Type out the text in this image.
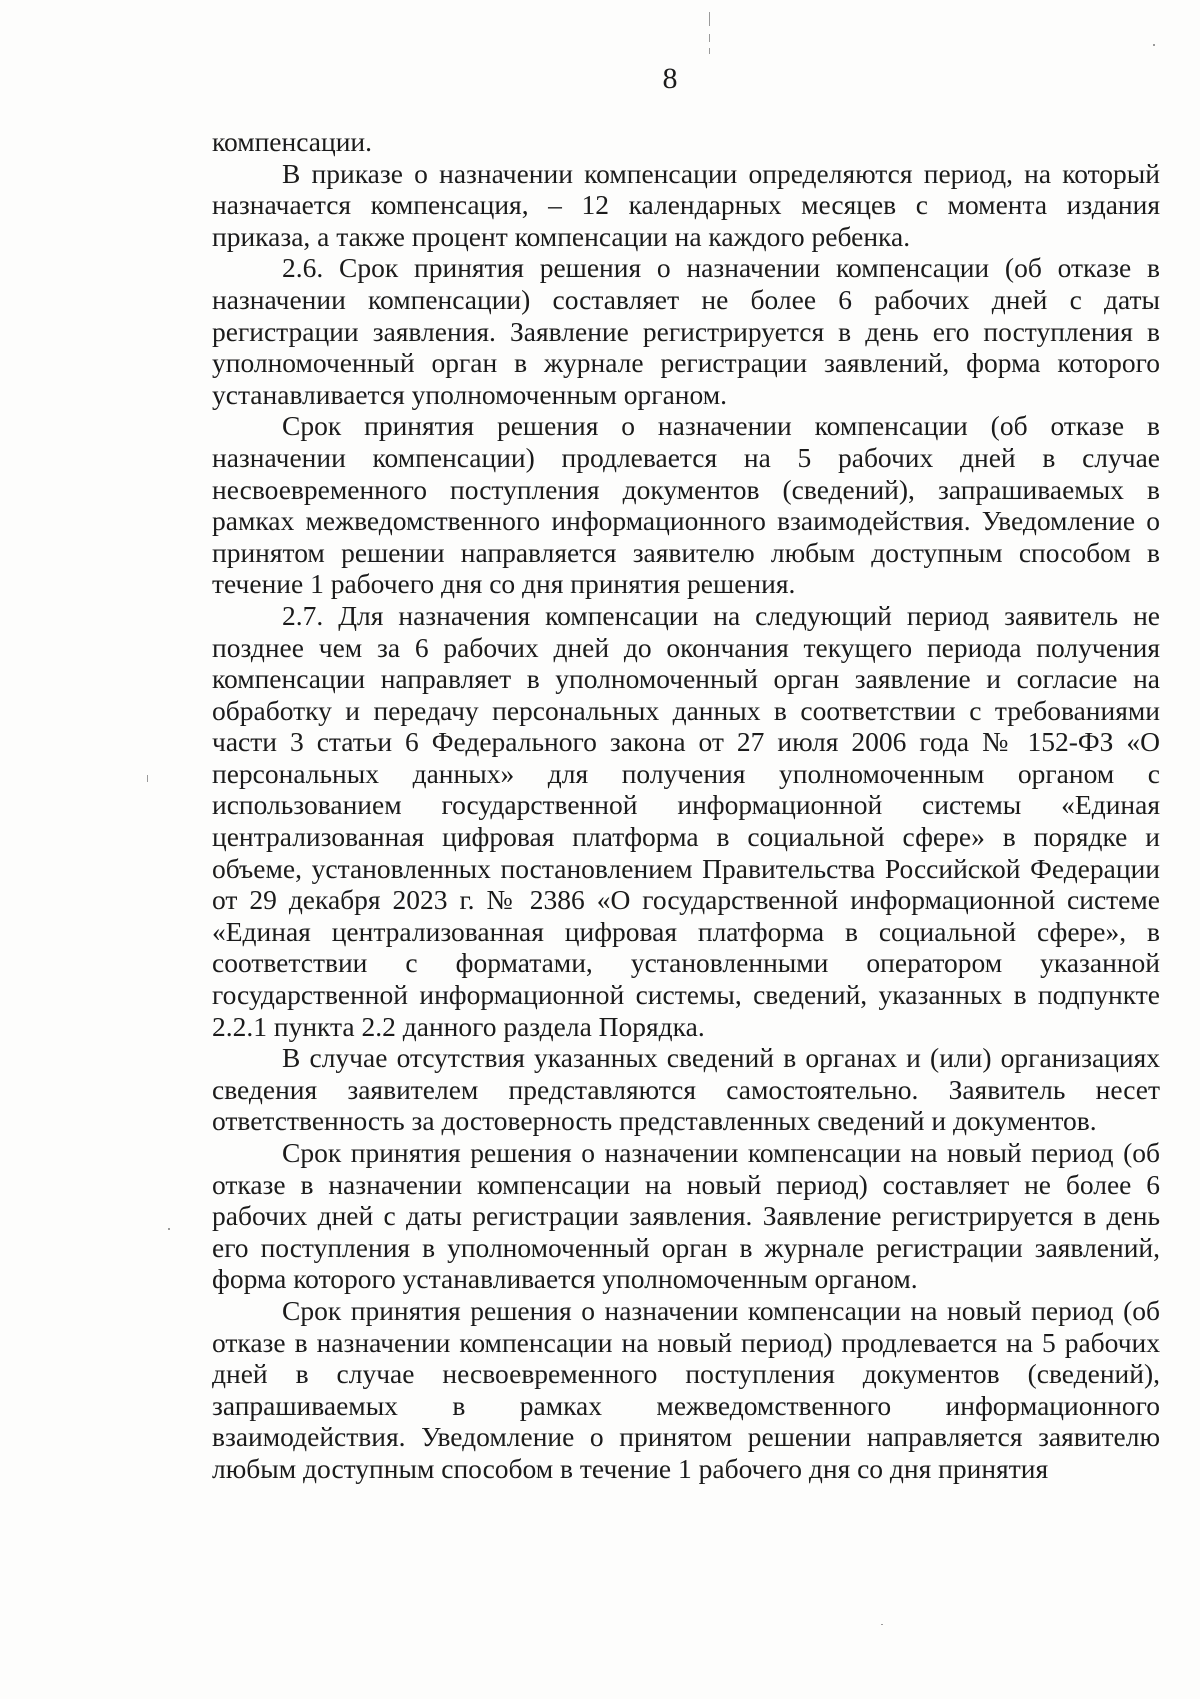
8

компенсации.

В приказе о назначении компенсации определяются период, на который назначается компенсация, – 12 календарных месяцев с момента издания приказа, а также процент компенсации на каждого ребенка.

2.6. Срок принятия решения о назначении компенсации (об отказе в назначении компенсации) составляет не более 6 рабочих дней с даты регистрации заявления. Заявление регистрируется в день его поступления в уполномоченный орган в журнале регистрации заявлений, форма которого устанавливается уполномоченным органом.

Срок принятия решения о назначении компенсации (об отказе в назначении компенсации) продлевается на 5 рабочих дней в случае несвоевременного поступления документов (сведений), запрашиваемых в рамках межведомственного информационного взаимодействия. Уведомление о принятом решении направляется заявителю любым доступным способом в течение 1 рабочего дня со дня принятия решения.

2.7. Для назначения компенсации на следующий период заявитель не позднее чем за 6 рабочих дней до окончания текущего периода получения компенсации направляет в уполномоченный орган заявление и согласие на обработку и передачу персональных данных в соответствии с требованиями части 3 статьи 6 Федерального закона от 27 июля 2006 года № 152-ФЗ «О персональных данных» для получения уполномоченным органом с использованием государственной информационной системы «Единая централизованная цифровая платформа в социальной сфере» в порядке и объеме, установленных постановлением Правительства Российской Федерации от 29 декабря 2023 г. № 2386 «О государственной информационной системе «Единая централизованная цифровая платформа в социальной сфере», в соответствии с форматами, установленными оператором указанной государственной информационной системы, сведений, указанных в подпункте 2.2.1 пункта 2.2 данного раздела Порядка.

В случае отсутствия указанных сведений в органах и (или) организациях сведения заявителем представляются самостоятельно. Заявитель несет ответственность за достоверность представленных сведений и документов.

Срок принятия решения о назначении компенсации на новый период (об отказе в назначении компенсации на новый период) составляет не более 6 рабочих дней с даты регистрации заявления. Заявление регистрируется в день его поступления в уполномоченный орган в журнале регистрации заявлений, форма которого устанавливается уполномоченным органом.

Срок принятия решения о назначении компенсации на новый период (об отказе в назначении компенсации на новый период) продлевается на 5 рабочих дней в случае несвоевременного поступления документов (сведений), запрашиваемых в рамках межведомственного информационного взаимодействия. Уведомление о принятом решении направляется заявителю любым доступным способом в течение 1 рабочего дня со дня принятия
